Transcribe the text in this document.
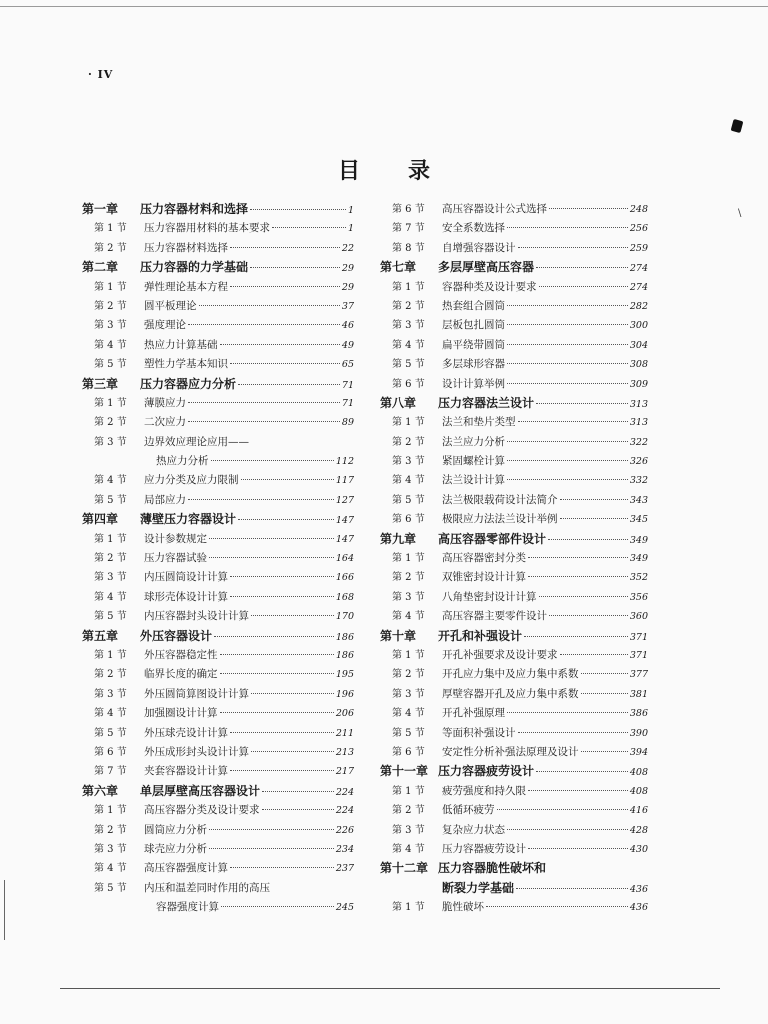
· IV
\
目录
第一章	压力容器材料和选择	1
第 1 节	压力容器用材料的基本要求	1
第 2 节	压力容器材料选择	22
第二章	压力容器的力学基础	29
第 1 节	弹性理论基本方程	29
第 2 节	圆平板理论	37
第 3 节	强度理论	46
第 4 节	热应力计算基础	49
第 5 节	塑性力学基本知识	65
第三章	压力容器应力分析	71
第 1 节	薄膜应力	71
第 2 节	二次应力	89
第 3 节	边界效应理论应用——
热应力分析	112
第 4 节	应力分类及应力限制	117
第 5 节	局部应力	127
第四章	薄壁压力容器设计	147
第 1 节	设计参数规定	147
第 2 节	压力容器试验	164
第 3 节	内压圆筒设计计算	166
第 4 节	球形壳体设计计算	168
第 5 节	内压容器封头设计计算	170
第五章	外压容器设计	186
第 1 节	外压容器稳定性	186
第 2 节	临界长度的确定	195
第 3 节	外压圆筒算图设计计算	196
第 4 节	加强圈设计计算	206
第 5 节	外压球壳设计计算	211
第 6 节	外压成形封头设计计算	213
第 7 节	夹套容器设计计算	217
第六章	单层厚壁高压容器设计	224
第 1 节	高压容器分类及设计要求	224
第 2 节	圆筒应力分析	226
第 3 节	球壳应力分析	234
第 4 节	高压容器强度计算	237
第 5 节	内压和温差同时作用的高压
容器强度计算	245
第 6 节	高压容器设计公式选择	248
第 7 节	安全系数选择	256
第 8 节	自增强容器设计	259
第七章	多层厚壁高压容器	274
第 1 节	容器种类及设计要求	274
第 2 节	热套组合圆筒	282
第 3 节	层板包扎圆筒	300
第 4 节	扁平绕带圆筒	304
第 5 节	多层球形容器	308
第 6 节	设计计算举例	309
第八章	压力容器法兰设计	313
第 1 节	法兰和垫片类型	313
第 2 节	法兰应力分析	322
第 3 节	紧固螺栓计算	326
第 4 节	法兰设计计算	332
第 5 节	法兰极限载荷设计法简介	343
第 6 节	极限应力法法兰设计举例	345
第九章	高压容器零部件设计	349
第 1 节	高压容器密封分类	349
第 2 节	双锥密封设计计算	352
第 3 节	八角垫密封设计计算	356
第 4 节	高压容器主要零件设计	360
第十章	开孔和补强设计	371
第 1 节	开孔补强要求及设计要求	371
第 2 节	开孔应力集中及应力集中系数	377
第 3 节	厚壁容器开孔及应力集中系数	381
第 4 节	开孔补强原理	386
第 5 节	等面积补强设计	390
第 6 节	安定性分析补强法原理及设计	394
第十一章 压力容器疲劳设计	408
第 1 节	疲劳强度和持久限	408
第 2 节	低循环疲劳	416
第 3 节	复杂应力状态	428
第 4 节	压力容器疲劳设计	430
第十二章 压力容器脆性破坏和
断裂力学基础	436
第 1 节	脆性破坏	436
